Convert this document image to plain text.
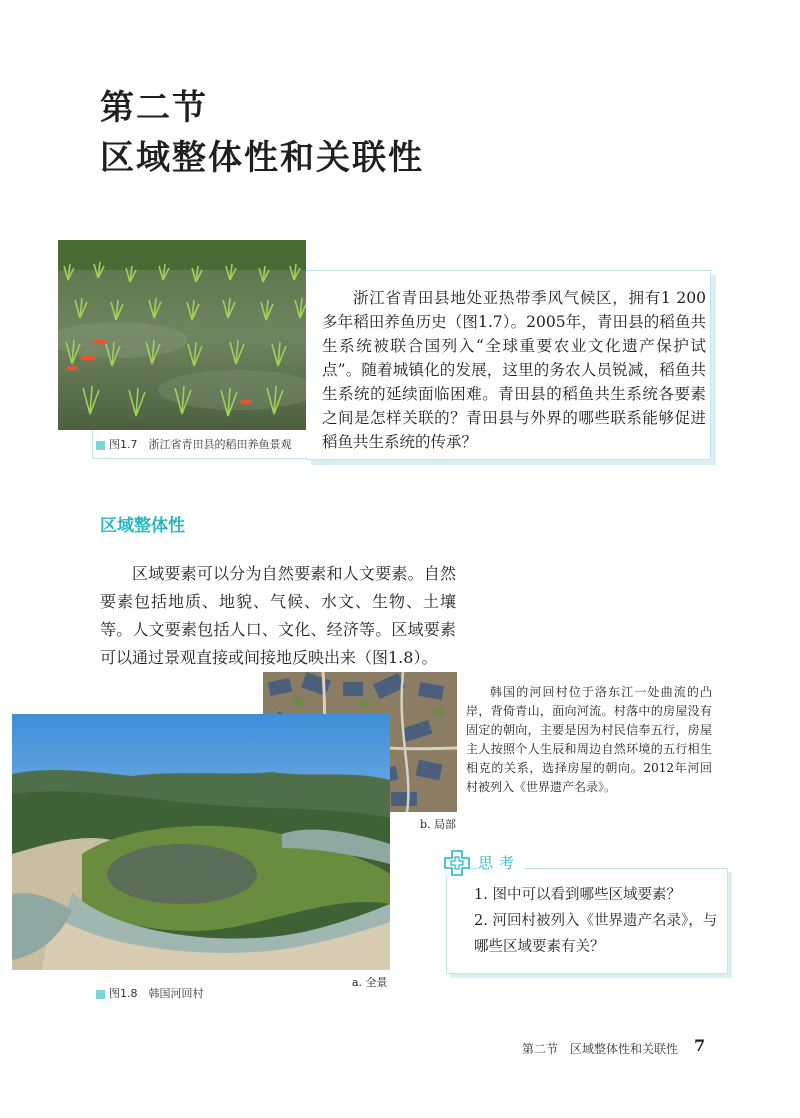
第二节
区域整体性和关联性
浙江省青田县地处亚热带季风气候区，拥有1 200多年稻田养鱼历史（图1.7）。2005年，青田县的稻鱼共生系统被联合国列入“全球重要农业文化遗产保护试点”。随着城镇化的发展，这里的务农人员锐减，稻鱼共生系统的延续面临困难。青田县的稻鱼共生系统各要素之间是怎样关联的？青田县与外界的哪些联系能够促进稻鱼共生系统的传承？
图1.7　 浙江省青田县的稻田养鱼景观
区域整体性
区域要素可以分为自然要素和人文要素。自然要素包括地质、地貌、气候、水文、生物、土壤等。人文要素包括人口、文化、经济等。区域要素可以通过景观直接或间接地反映出来（图1.8）。
b. 局部
a. 全景
韩国的河回村位于洛东江一处曲流的凸岸，背倚青山，面向河流。村落中的房屋没有固定的朝向，主要是因为村民信奉五行，房屋主人按照个人生辰和周边自然环境的五行相生相克的关系，选择房屋的朝向。2012年河回村被列入《世界遗产名录》。
图1.8　 韩国河回村
思考
1. 图中可以看到哪些区域要素？
2. 河回村被列入《世界遗产名录》，与哪些区域要素有关？
第二节　区域整体性和关联性 7
